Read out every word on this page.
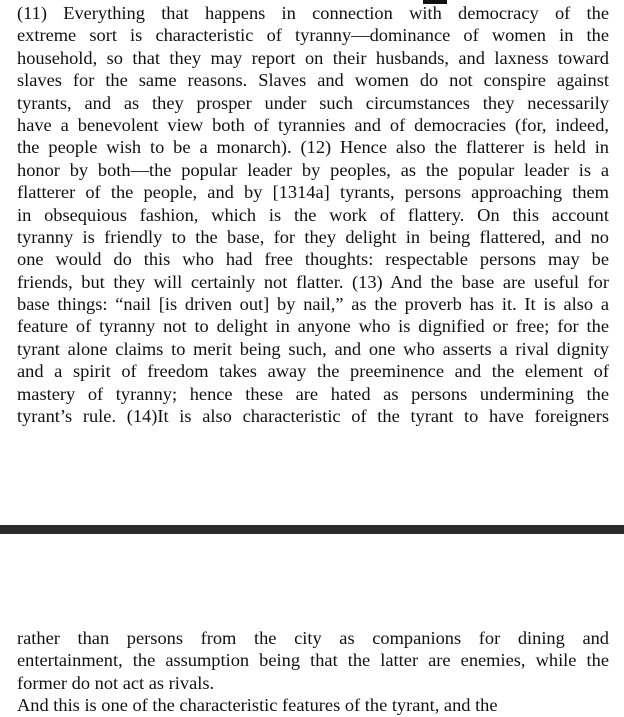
(11) Everything that happens in connection with democracy of the
extreme sort is characteristic of tyranny—dominance of women in the
household, so that they may report on their husbands, and laxness toward
slaves for the same reasons. Slaves and women do not conspire against
tyrants, and as they prosper under such circumstances they necessarily
have a benevolent view both of tyrannies and of democracies (for, indeed,
the people wish to be a monarch). (12) Hence also the flatterer is held in
honor by both—the popular leader by peoples, as the popular leader is a
flatterer of the people, and by [1314a] tyrants, persons approaching them
in obsequious fashion, which is the work of flattery. On this account
tyranny is friendly to the base, for they delight in being flattered, and no
one would do this who had free thoughts: respectable persons may be
friends, but they will certainly not flatter. (13) And the base are useful for
base things: “nail [is driven out] by nail,” as the proverb has it. It is also a
feature of tyranny not to delight in anyone who is dignified or free; for the
tyrant alone claims to merit being such, and one who asserts a rival dignity
and a spirit of freedom takes away the preeminence and the element of
mastery of tyranny; hence these are hated as persons undermining the
tyrant’s rule. (14)It is also characteristic of the tyrant to have foreigners
rather than persons from the city as companions for dining and
entertainment, the assumption being that the latter are enemies, while the
former do not act as rivals.
And this is one of the characteristic features of the tyrant, and the
